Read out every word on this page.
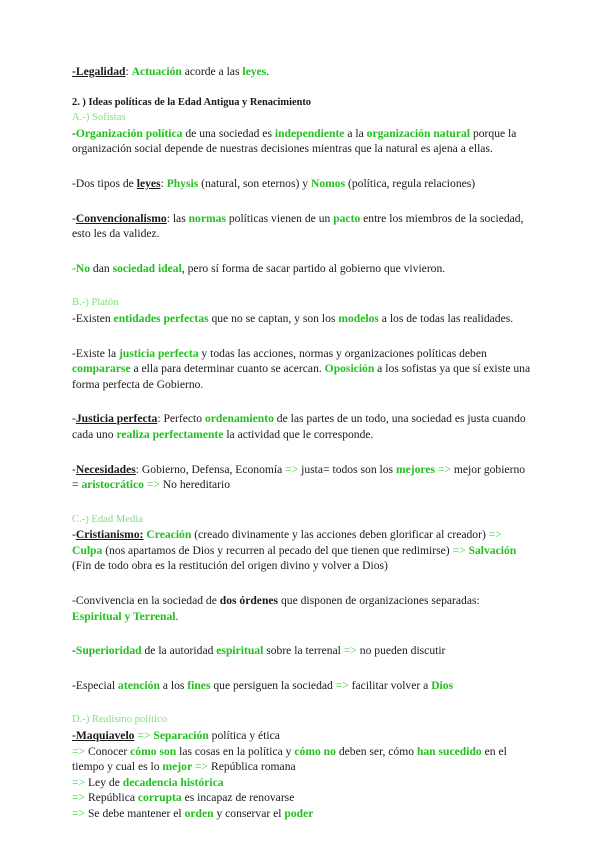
-Legalidad: Actuación acorde a las leyes.

2. ) Ideas políticas de la Edad Antigua y Renacimiento

A.-) Sofistas

-Organización política de una sociedad es independiente a la organización natural porque la organización social depende de nuestras decisiones mientras que la natural es ajena a ellas.

-Dos tipos de leyes: Physis (natural, son eternos) y Nomos (política, regula relaciones)

-Convencionalismo: las normas políticas vienen de un pacto entre los miembros de la sociedad, esto les da validez.

-No dan sociedad ideal, pero sí forma de sacar partido al gobierno que vivieron.

B.-) Platón

-Existen entidades perfectas que no se captan, y son los modelos a los de todas las realidades.

-Existe la justicia perfecta y todas las acciones, normas y organizaciones políticas deben compararse a ella para determinar cuanto se acercan. Oposición a los sofistas ya que sí existe una forma perfecta de Gobierno.

-Justicia perfecta: Perfecto ordenamiento de las partes de un todo, una sociedad es justa cuando cada uno realiza perfectamente la actividad que le corresponde.

-Necesidades: Gobierno, Defensa, Economía => justa= todos son los mejores => mejor gobierno = aristocrático => No hereditario

C.-) Edad Media

-Cristianismo: Creación (creado divinamente y las acciones deben glorificar al creador) => Culpa (nos apartamos de Dios y recurren al pecado del que tienen que redimirse) => Salvación (Fin de todo obra es la restitución del origen divino y volver a Dios)

-Convivencia en la sociedad de dos órdenes que disponen de organizaciones separadas: Espiritual y Terrenal.

-Superioridad de la autoridad espiritual sobre la terrenal => no pueden discutir

-Especial atención a los fines que persiguen la sociedad => facilitar volver a Dios

D.-) Realismo político

-Maquiavelo => Separación política y ética

=> Conocer cómo son las cosas en la política y cómo no deben ser, cómo han sucedido en el tiempo y cual es lo mejor => República romana

=> Ley de decadencia histórica

=> República corrupta es incapaz de renovarse

=> Se debe mantener el orden y conservar el poder
